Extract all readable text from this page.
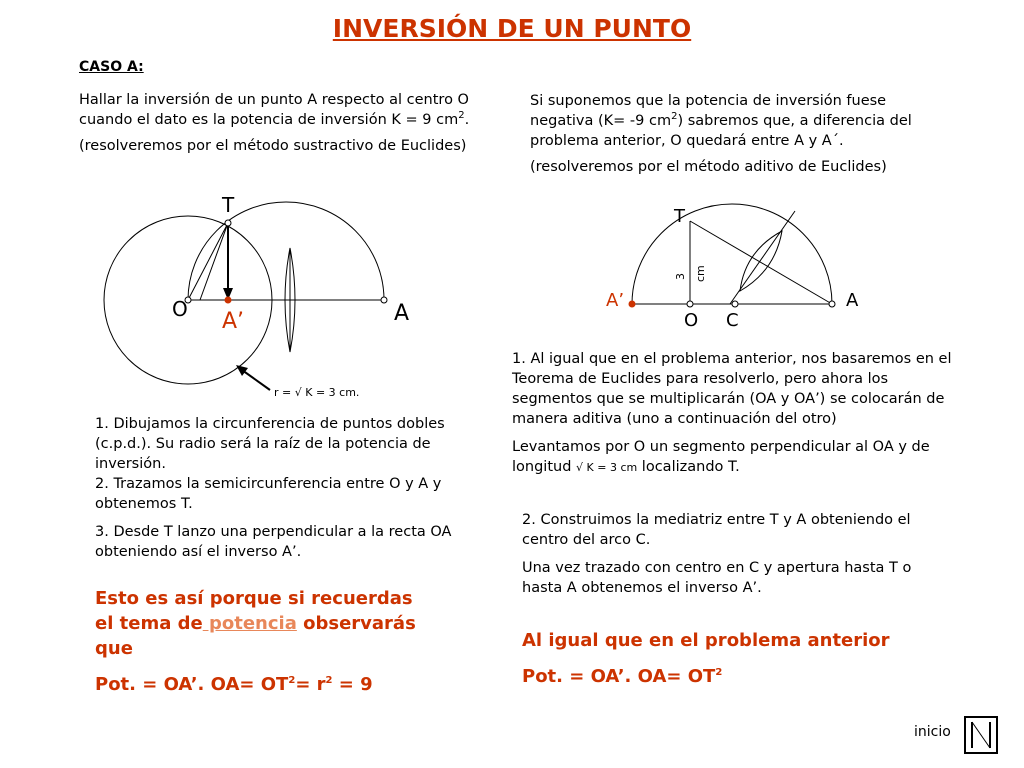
INVERSIÓN DE UN PUNTO
CASO A:

Hallar la inversión de un punto A respecto al centro O cuando el dato es la potencia de inversión K = 9 $cm^2$.

(resolveremos por el método sustractivo de Euclides)

T
O	A
A’
r = √ K = 3 cm.

1. Dibujamos la circunferencia de puntos dobles (c.p.d.). Su radio será la raíz de la potencia de inversión.

2. Trazamos la semicircunferencia entre O y A y obtenemos T.

3. Desde T lanzo una perpendicular a la recta OA obteniendo así el inverso A’.

Esto es así porque si recuerdas el tema de potencia observarás que
Pot. = OA’. $OA= OT^2= r^2 = 9$

Si suponemos que la potencia de inversión fuese negativa (K= -9 $cm^2$) sabremos que, a diferencia del problema anterior, O quedará entre A y A´.

(resolveremos por el método aditivo de Euclides)

T
A’	A
O C
3 cm

1. Al igual que en el problema anterior, nos basaremos en el Teorema de Euclides para resolverlo, pero ahora los segmentos que se multiplicarán (OA y OA’) se colocarán de manera aditiva (uno a continuación del otro)

Levantamos por O un segmento perpendicular al OA y de longitud √ K = 3 cm localizando T.

2. Construimos la mediatriz entre T y A obteniendo el centro del arco C.

Una vez trazado con centro en C y apertura hasta T o hasta A obtenemos el inverso A’.

Al igual que en el problema anterior
Pot. = OA’. $OA= OT^2$
inicio
